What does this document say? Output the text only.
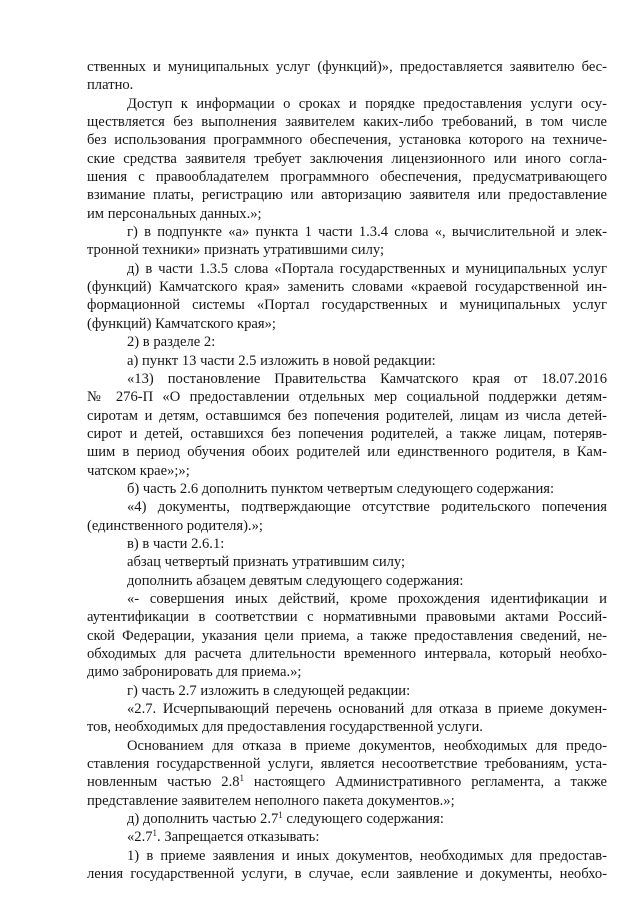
ственных и муниципальных услуг (функций)», предоставляется заявителю бес-
платно.

Доступ к информации о сроках и порядке предоставления услуги осу-
ществляется без выполнения заявителем каких-либо требований, в том числе
без использования программного обеспечения, установка которого на техниче-
ские средства заявителя требует заключения лицензионного или иного согла-
шения с правообладателем программного обеспечения, предусматривающего
взимание платы, регистрацию или авторизацию заявителя или предоставление
им персональных данных.»;

г) в подпункте «а» пункта 1 части 1.3.4 слова «, вычислительной и элек-
тронной техники» признать утратившими силу;

д) в части 1.3.5 слова «Портала государственных и муниципальных услуг
(функций) Камчатского края» заменить словами «краевой государственной ин-
формационной системы «Портал государственных и муниципальных услуг
(функций) Камчатского края»;

2) в разделе 2:

а) пункт 13 части 2.5 изложить в новой редакции:

«13) постановление Правительства Камчатского края от 18.07.2016
№ 276-П «О предоставлении отдельных мер социальной поддержки детям-
сиротам и детям, оставшимся без попечения родителей, лицам из числа детей-
сирот и детей, оставшихся без попечения родителей, а также лицам, потеряв-
шим в период обучения обоих родителей или единственного родителя, в Кам-
чатском крае»;»;

б) часть 2.6 дополнить пунктом четвертым следующего содержания:

«4) документы, подтверждающие отсутствие родительского попечения
(единственного родителя).»;

в) в части 2.6.1:

абзац четвертый признать утратившим силу;

дополнить абзацем девятым следующего содержания:

«- совершения иных действий, кроме прохождения идентификации и
аутентификации в соответствии с нормативными правовыми актами Россий-
ской Федерации, указания цели приема, а также предоставления сведений, не-
обходимых для расчета длительности временного интервала, который необхо-
димо забронировать для приема.»;

г) часть 2.7 изложить в следующей редакции:

«2.7. Исчерпывающий перечень оснований для отказа в приеме докумен-
тов, необходимых для предоставления государственной услуги.

Основанием для отказа в приеме документов, необходимых для предо-
ставления государственной услуги, является несоответствие требованиям, уста-
новленным частью $2.8^1$ настоящего Административного регламента, а также
представление заявителем неполного пакета документов.»;

д) дополнить частью $2.7^1$ следующего содержания:

«$2.7^1$. Запрещается отказывать:

1) в приеме заявления и иных документов, необходимых для предостав-
ления государственной услуги, в случае, если заявление и документы, необхо-
